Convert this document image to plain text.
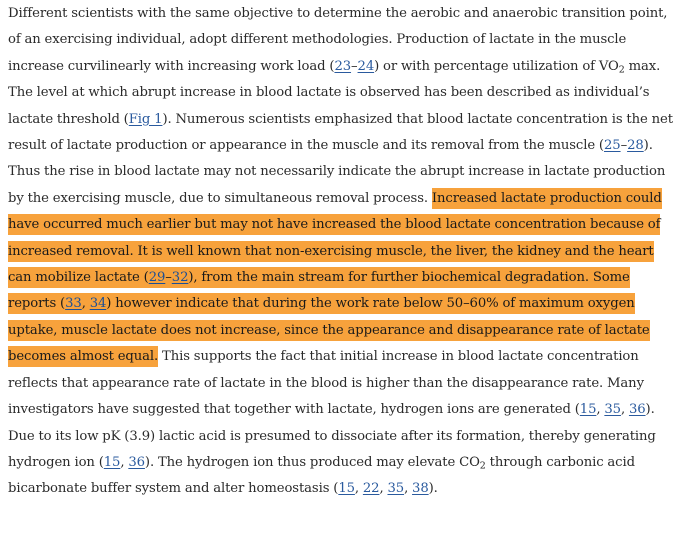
Different scientists with the same objective to determine the aerobic and anaerobic transition point, of an exercising individual, adopt different methodologies. Production of lactate in the muscle increase curvilinearly with increasing work load (23–24) or with percentage utilization of $VO_2$ max. The level at which abrupt increase in blood lactate is observed has been described as individual’s lactate threshold (Fig 1). Numerous scientists emphasized that blood lactate concentration is the net result of lactate production or appearance in the muscle and its removal from the muscle (25–28). Thus the rise in blood lactate may not necessarily indicate the abrupt increase in lactate production by the exercising muscle, due to simultaneous removal process. Increased lactate production could have occurred much earlier but may not have increased the blood lactate concentration because of increased removal. It is well known that non-exercising muscle, the liver, the kidney and the heart can mobilize lactate (29–32), from the main stream for further biochemical degradation. Some reports (33, 34) however indicate that during the work rate below 50–60% of maximum oxygen uptake, muscle lactate does not increase, since the appearance and disappearance rate of lactate becomes almost equal. This supports the fact that initial increase in blood lactate concentration reflects that appearance rate of lactate in the blood is higher than the disappearance rate. Many investigators have suggested that together with lactate, hydrogen ions are generated (15, 35, 36). Due to its low pK (3.9) lactic acid is presumed to dissociate after its formation, thereby generating hydrogen ion (15, 36). The hydrogen ion thus produced may elevate $CO_2$ through carbonic acid bicarbonate buffer system and alter homeostasis (15, 22, 35, 38).
